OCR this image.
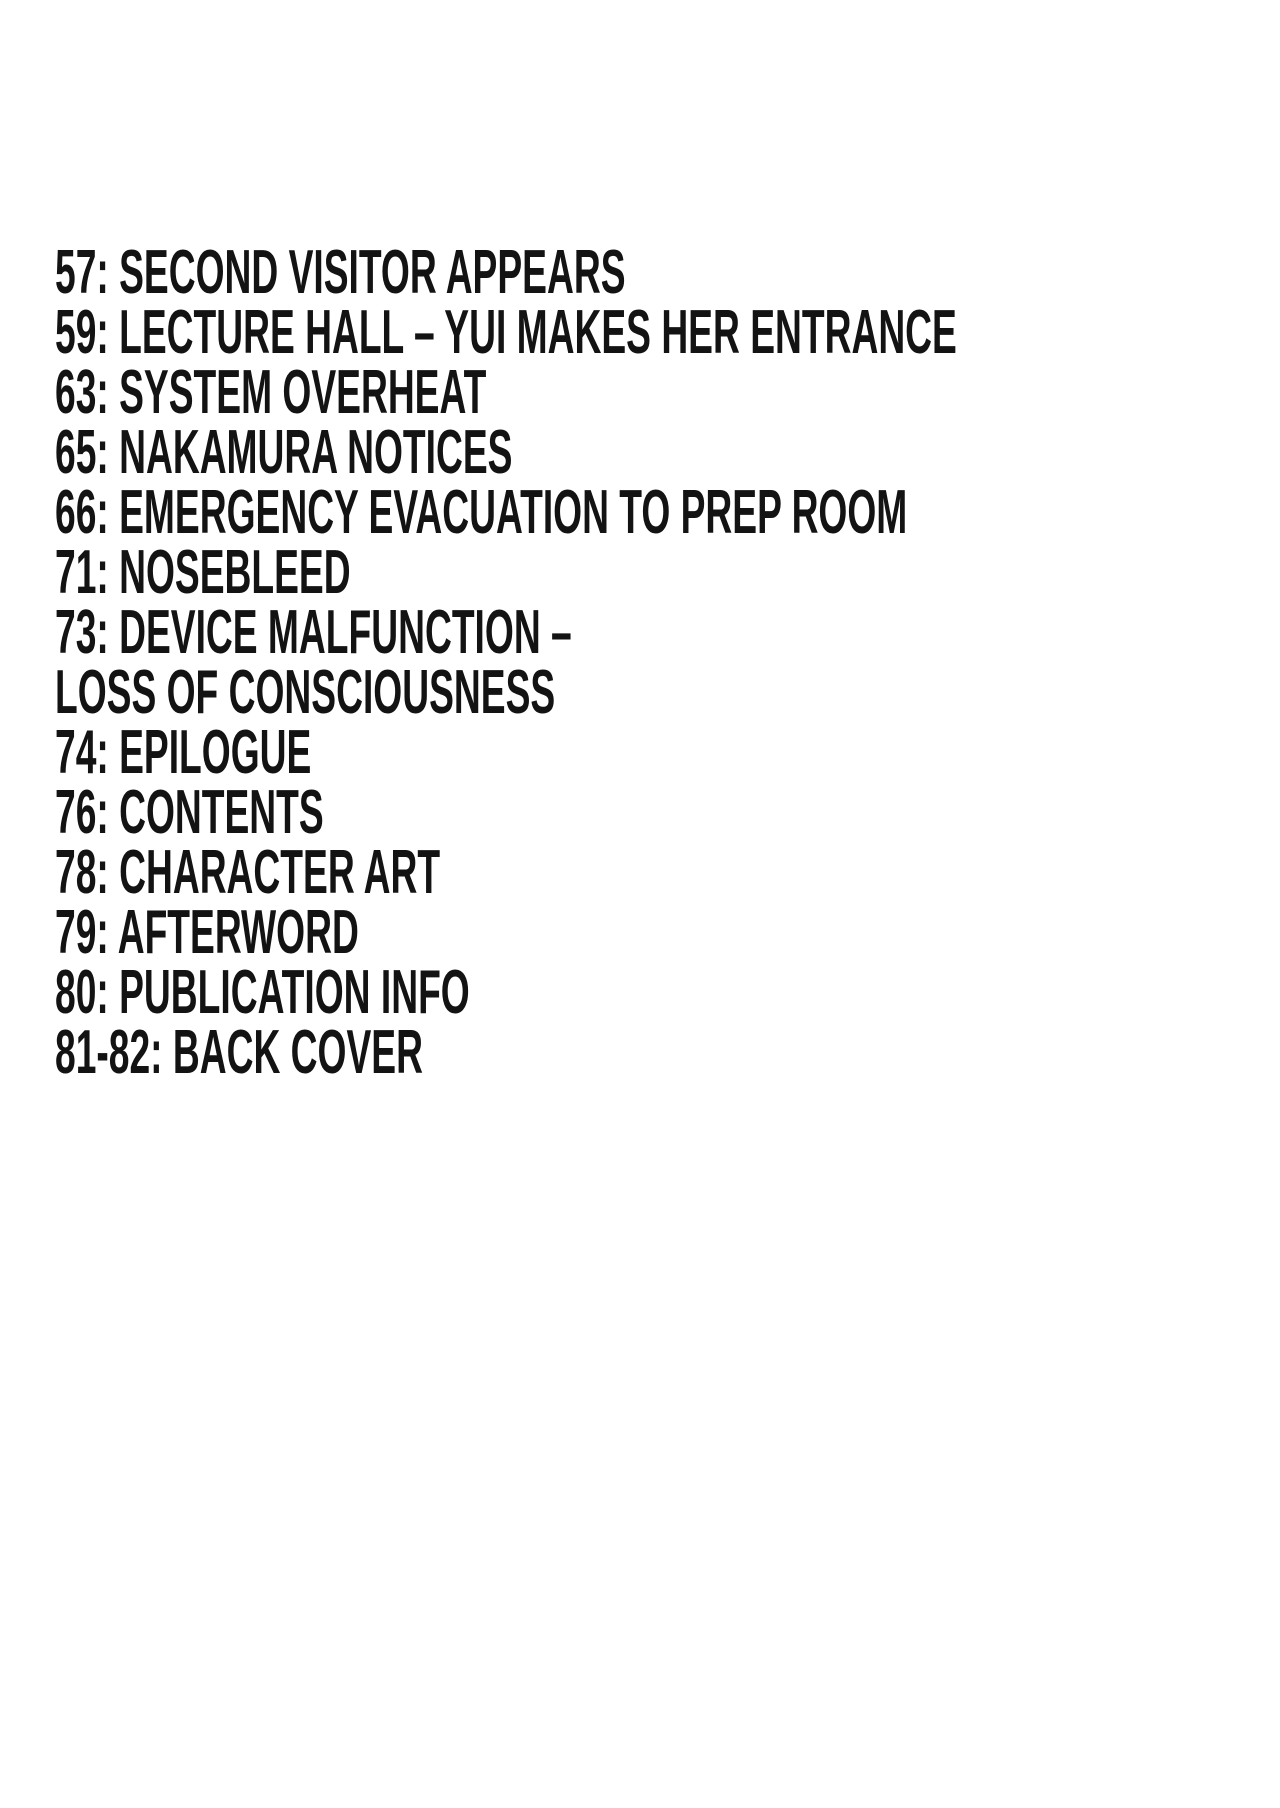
57: SECOND VISITOR APPEARS
59: LECTURE HALL – YUI MAKES HER ENTRANCE
63: SYSTEM OVERHEAT
65: NAKAMURA NOTICES
66: EMERGENCY EVACUATION TO PREP ROOM
71: NOSEBLEED
73: DEVICE MALFUNCTION –
LOSS OF CONSCIOUSNESS
74: EPILOGUE
76: CONTENTS
78: CHARACTER ART
79: AFTERWORD
80: PUBLICATION INFO
81-82: BACK COVER
